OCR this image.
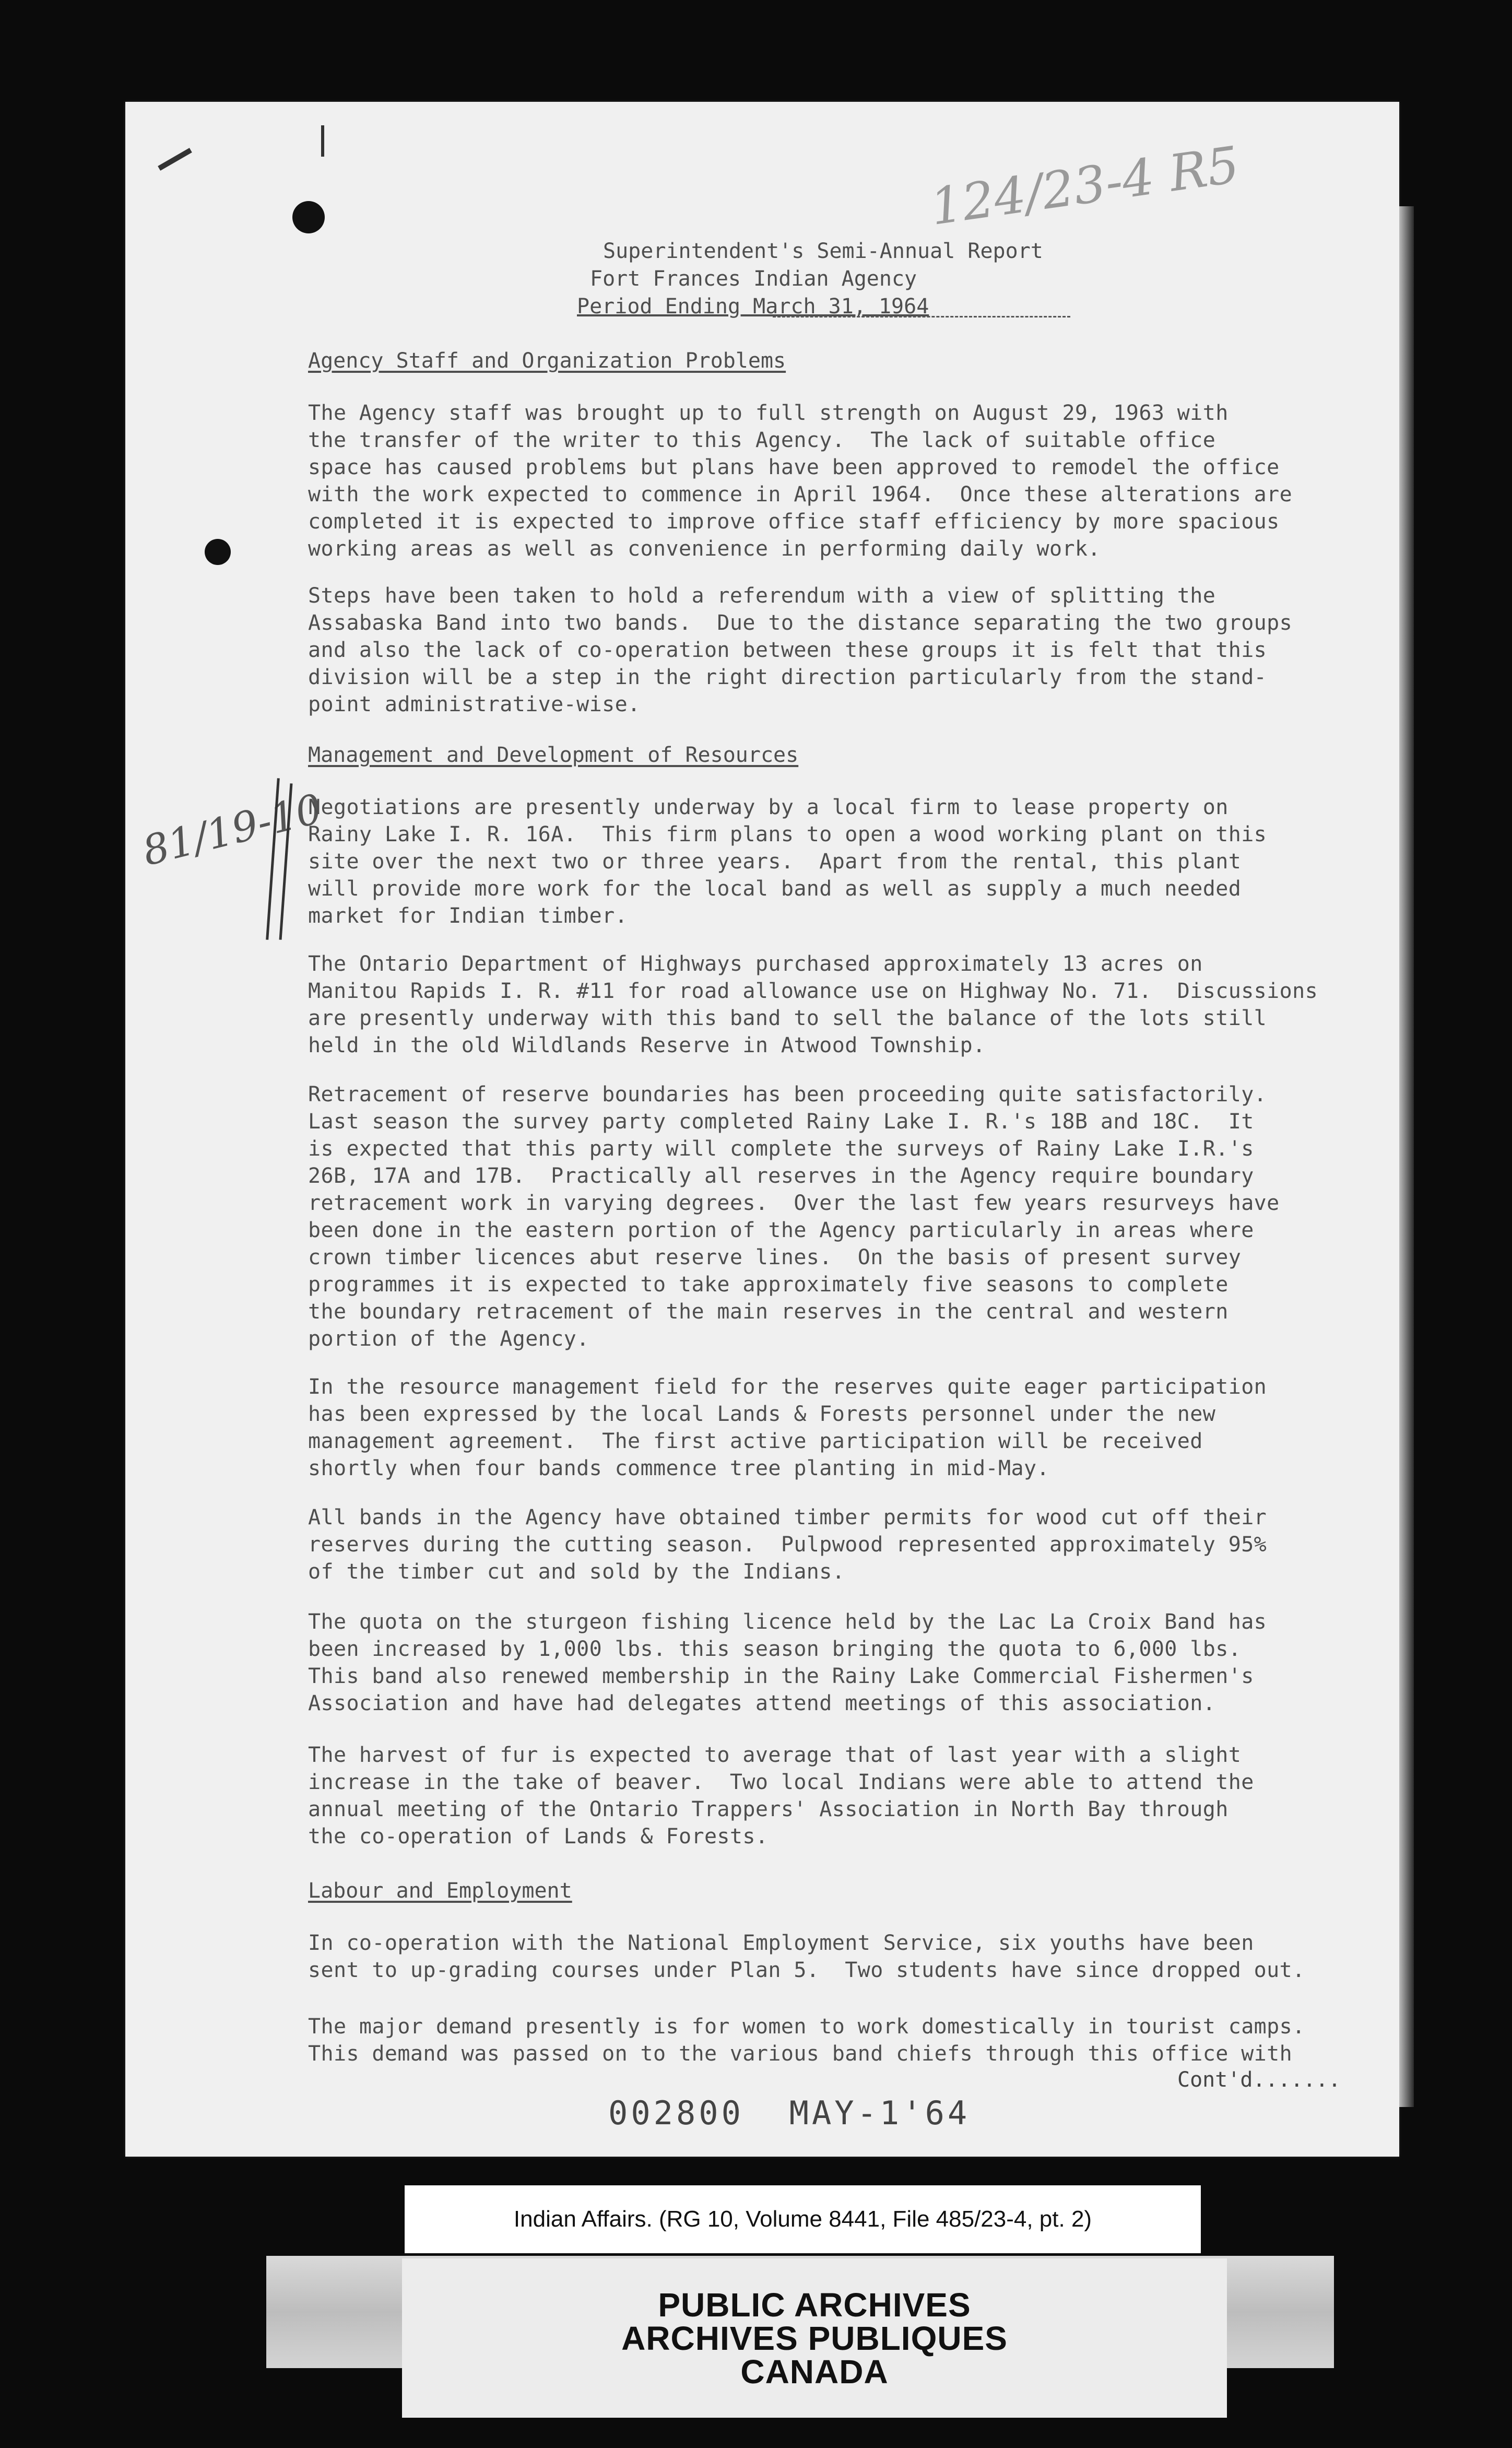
124/23-4 R5
81/19-10
Superintendent's Semi-Annual Report
Fort Frances Indian Agency
Period Ending March 31, 1964
Agency Staff and Organization Problems
The Agency staff was brought up to full strength on August 29, 1963 with
the transfer of the writer to this Agency.  The lack of suitable office
space has caused problems but plans have been approved to remodel the office
with the work expected to commence in April 1964.  Once these alterations are
completed it is expected to improve office staff efficiency by more spacious
working areas as well as convenience in performing daily work.
Steps have been taken to hold a referendum with a view of splitting the
Assabaska Band into two bands.  Due to the distance separating the two groups
and also the lack of co-operation between these groups it is felt that this
division will be a step in the right direction particularly from the stand-
point administrative-wise.
Management and Development of Resources
Negotiations are presently underway by a local firm to lease property on
Rainy Lake I. R. 16A.  This firm plans to open a wood working plant on this
site over the next two or three years.  Apart from the rental, this plant
will provide more work for the local band as well as supply a much needed
market for Indian timber.
The Ontario Department of Highways purchased approximately 13 acres on
Manitou Rapids I. R. #11 for road allowance use on Highway No. 71.  Discussions
are presently underway with this band to sell the balance of the lots still
held in the old Wildlands Reserve in Atwood Township.
Retracement of reserve boundaries has been proceeding quite satisfactorily.
Last season the survey party completed Rainy Lake I. R.'s 18B and 18C.  It
is expected that this party will complete the surveys of Rainy Lake I.R.'s
26B, 17A and 17B.  Practically all reserves in the Agency require boundary
retracement work in varying degrees.  Over the last few years resurveys have
been done in the eastern portion of the Agency particularly in areas where
crown timber licences abut reserve lines.  On the basis of present survey
programmes it is expected to take approximately five seasons to complete
the boundary retracement of the main reserves in the central and western
portion of the Agency.
In the resource management field for the reserves quite eager participation
has been expressed by the local Lands & Forests personnel under the new
management agreement.  The first active participation will be received
shortly when four bands commence tree planting in mid-May.
All bands in the Agency have obtained timber permits for wood cut off their
reserves during the cutting season.  Pulpwood represented approximately 95%
of the timber cut and sold by the Indians.
The quota on the sturgeon fishing licence held by the Lac La Croix Band has
been increased by 1,000 lbs. this season bringing the quota to 6,000 lbs.
This band also renewed membership in the Rainy Lake Commercial Fishermen's
Association and have had delegates attend meetings of this association.
The harvest of fur is expected to average that of last year with a slight
increase in the take of beaver.  Two local Indians were able to attend the
annual meeting of the Ontario Trappers' Association in North Bay through
the co-operation of Lands & Forests.
Labour and Employment
In co-operation with the National Employment Service, six youths have been
sent to up-grading courses under Plan 5.  Two students have since dropped out.
The major demand presently is for women to work domestically in tourist camps.
This demand was passed on to the various band chiefs through this office with
Cont'd.......
002800  MAY-1'64
Indian Affairs. (RG 10, Volume 8441, File 485/23-4, pt. 2)
PUBLIC ARCHIVES
ARCHIVES PUBLIQUES
CANADA
